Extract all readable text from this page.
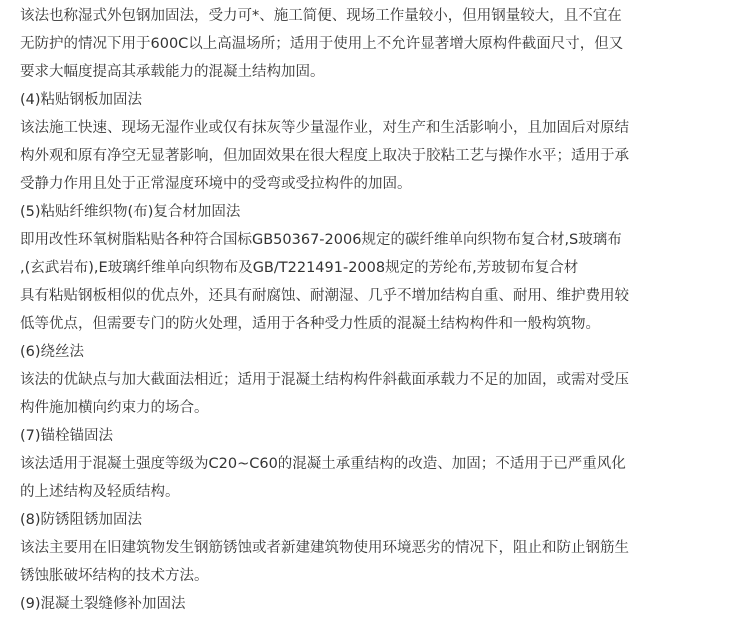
该法也称湿式外包钢加固法，受力可*、施工简便、现场工作量较小，但用钢量较大，且不宜在
无防护的情况下用于600C以上高温场所；适用于使用上不允许显著增大原构件截面尺寸，但又
要求大幅度提高其承载能力的混凝土结构加固。
(4)粘贴钢板加固法
该法施工快速、现场无湿作业或仅有抹灰等少量湿作业，对生产和生活影响小，且加固后对原结
构外观和原有净空无显著影响，但加固效果在很大程度上取决于胶粘工艺与操作水平；适用于承
受静力作用且处于正常湿度环境中的受弯或受拉构件的加固。
(5)粘贴纤维织物(布)复合材加固法
即用改性环氧树脂粘贴各种符合国标GB50367-2006规定的碳纤维单向织物布复合材,S玻璃布
,(玄武岩布),E玻璃纤维单向织物布及GB/T221491-2008规定的芳纶布,芳玻韧布复合材
具有粘贴钢板相似的优点外，还具有耐腐蚀、耐潮湿、几乎不增加结构自重、耐用、维护费用较
低等优点，但需要专门的防火处理，适用于各种受力性质的混凝土结构构件和一般构筑物。
(6)绕丝法
该法的优缺点与加大截面法相近；适用于混凝土结构构件斜截面承载力不足的加固，或需对受压
构件施加横向约束力的场合。
(7)锚栓锚固法
该法适用于混凝土强度等级为C20~C60的混凝土承重结构的改造、加固；不适用于已严重风化
的上述结构及轻质结构。
(8)防锈阻锈加固法
该法主要用在旧建筑物发生钢筋锈蚀或者新建建筑物使用环境恶劣的情况下，阻止和防止钢筋生
锈蚀胀破坏结构的技术方法。
(9)混凝土裂缝修补加固法
